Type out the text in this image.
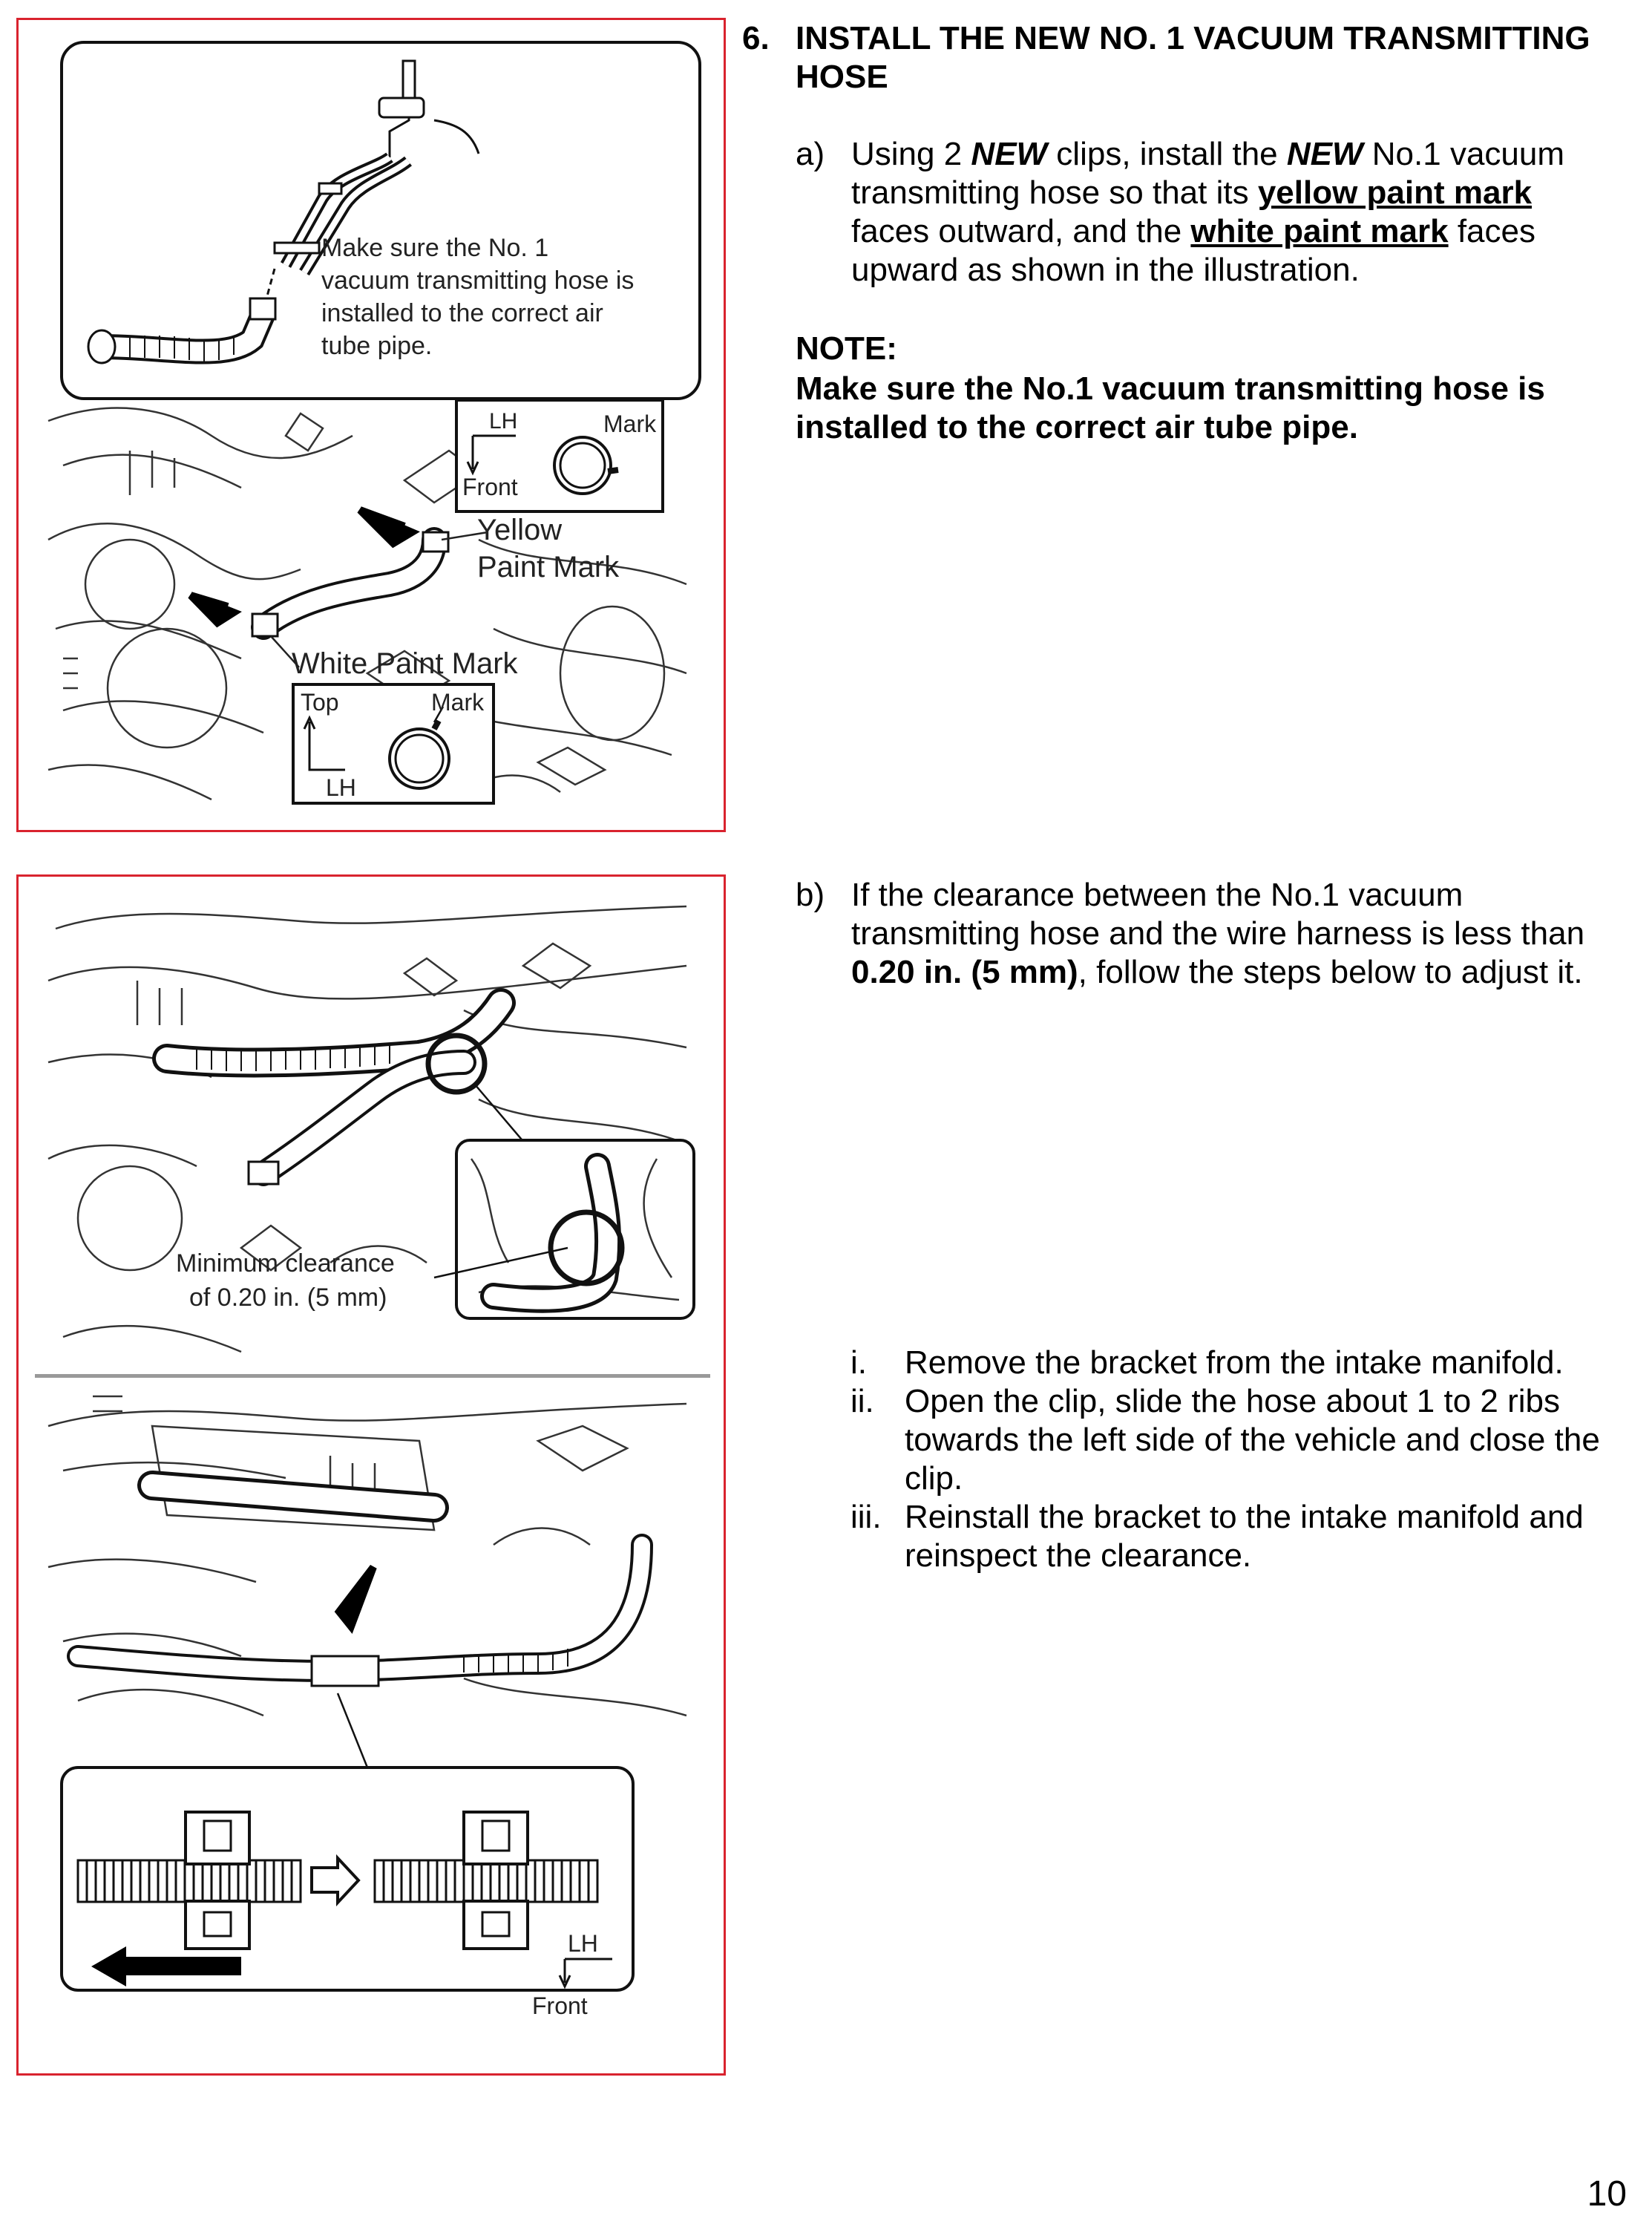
Make sure the No. 1 vacuum transmitting hose is installed to the correct air tube pipe.
LH
Front
Mark
Yellow Paint Mark
White Paint Mark
Top
LH
Mark
Minimum clearance of 0.20 in. (5 mm)
LH
Front
6. INSTALL THE NEW NO. 1 VACUUM TRANSMITTING HOSE
a) Using 2 NEW clips, install the NEW No.1 vacuum transmitting hose so that its yellow paint mark faces outward, and the white paint mark faces upward as shown in the illustration.
NOTE:
Make sure the No.1 vacuum transmitting hose is installed to the correct air tube pipe.
b) If the clearance between the No.1 vacuum transmitting hose and the wire harness is less than 0.20 in. (5 mm), follow the steps below to adjust it.
i. Remove the bracket from the intake manifold.
ii. Open the clip, slide the hose about 1 to 2 ribs towards the left side of the vehicle and close the clip.
iii. Reinstall the bracket to the intake manifold and reinspect the clearance.
10
